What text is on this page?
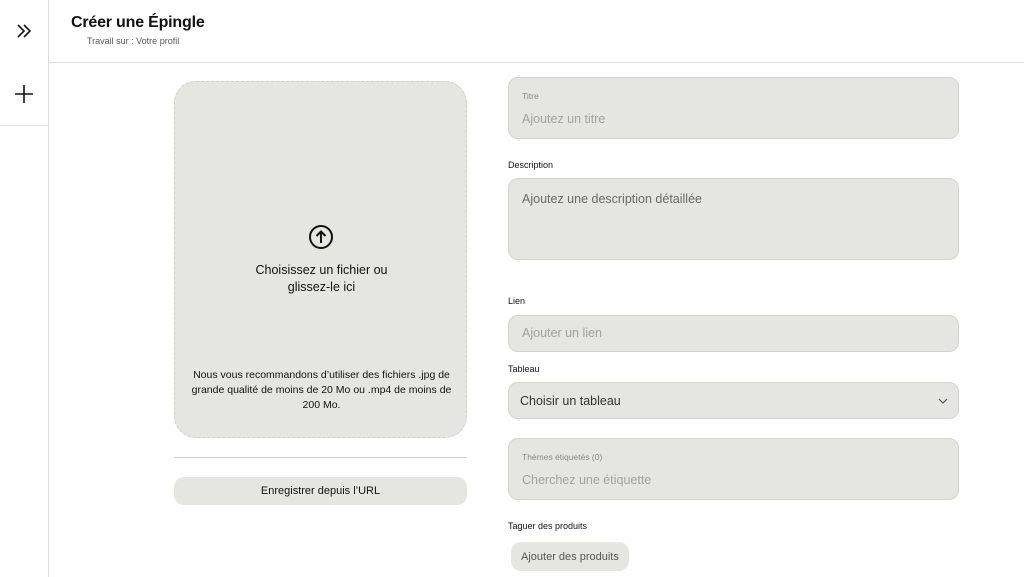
Créer une Épingle
Travail sur : Votre profil
Choisissez un fichier ou
glissez-le ici
Nous vous recommandons d’utiliser des fichiers .jpg de grande qualité de moins de 20 Mo ou .mp4 de moins de 200 Mo.
Enregistrer depuis l’URL
Titre
Ajoutez un titre
Description
Ajoutez une description détaillée
Lien
Ajouter un lien
Tableau
Choisir un tableau
Thèmes étiquetés (0)
Cherchez une étiquette
Taguer des produits
Ajouter des produits
